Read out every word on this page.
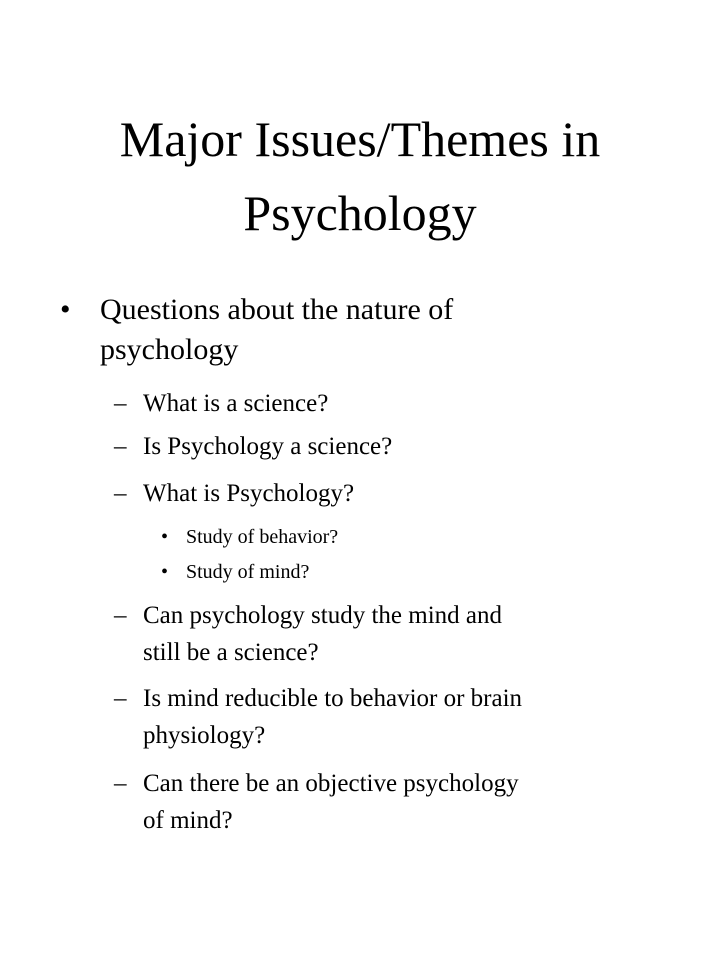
Major Issues/Themes in
Psychology
• Questions about the nature of
psychology
– What is a science?
– Is Psychology a science?
– What is Psychology?
• Study of behavior?
• Study of mind?
– Can psychology study the mind and
still be a science?
– Is mind reducible to behavior or brain
physiology?
– Can there be an objective psychology
of mind?
